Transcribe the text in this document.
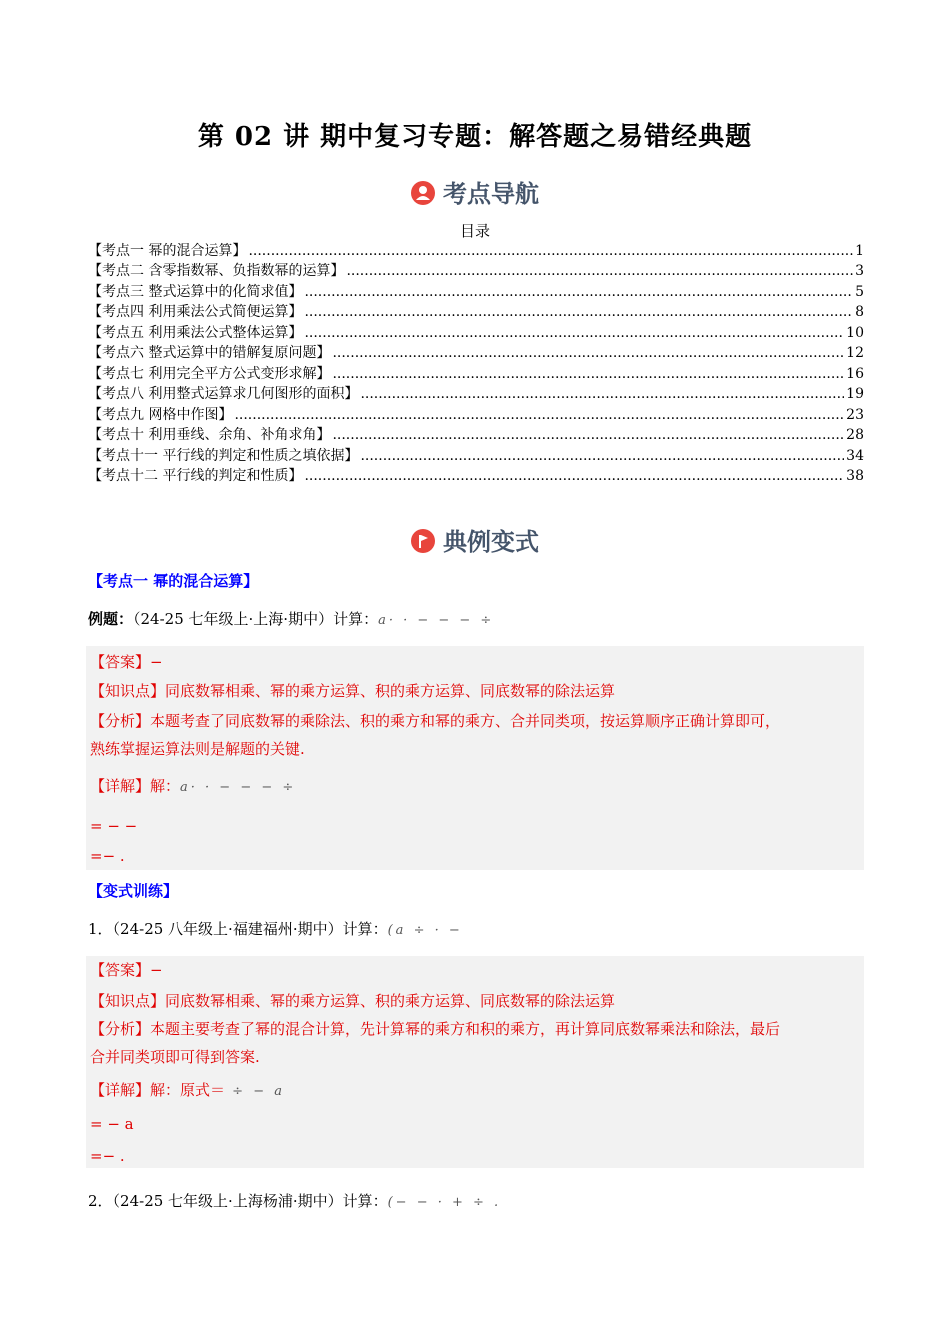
第 02 讲 期中复习专题：解答题之易错经典题
考点导航
目录
【考点一 幂的混合运算】 .....	1
【考点二 含零指数幂、负指数幂的运算】 .....	3
【考点三 整式运算中的化简求值】 .....	5
【考点四 利用乘法公式简便运算】 .....	8
【考点五 利用乘法公式整体运算】 .....	10
【考点六 整式运算中的错解复原问题】 .....	12
【考点七 利用完全平方公式变形求解】 .....	16
【考点八 利用整式运算求几何图形的面积】 .....	19
【考点九 网格中作图】 .....	23
【考点十 利用垂线、余角、补角求角】 .....	28
【考点十一 平行线的判定和性质之填依据】 .....	34
【考点十二 平行线的判定和性质】 .....	38
典例变式
【考点一 幂的混合运算】
例题：（24-25 七年级上·上海·期中）计算：a· · − − − ÷
【答案】−
【知识点】同底数幂相乘、幂的乘方运算、积的乘方运算、同底数幂的除法运算
【分析】本题考查了同底数幂的乘除法、积的乘方和幂的乘方、合并同类项，按运算顺序正确计算即可，
熟练掌握运算法则是解题的关键.
【详解】解：a· · − − − ÷
= − −
=− .
【变式训练】
1．（24-25 八年级上·福建福州·期中）计算：(a ÷ · −
【答案】−
【知识点】同底数幂相乘、幂的乘方运算、积的乘方运算、同底数幂的除法运算
【分析】本题主要考查了幂的混合计算，先计算幂的乘方和积的乘方，再计算同底数幂乘法和除法，最后
合并同类项即可得到答案.
【详解】解：原式＝ ÷ − a
= − a
=− .
2．（24-25 七年级上·上海杨浦·期中）计算：(− − · + ÷ .
